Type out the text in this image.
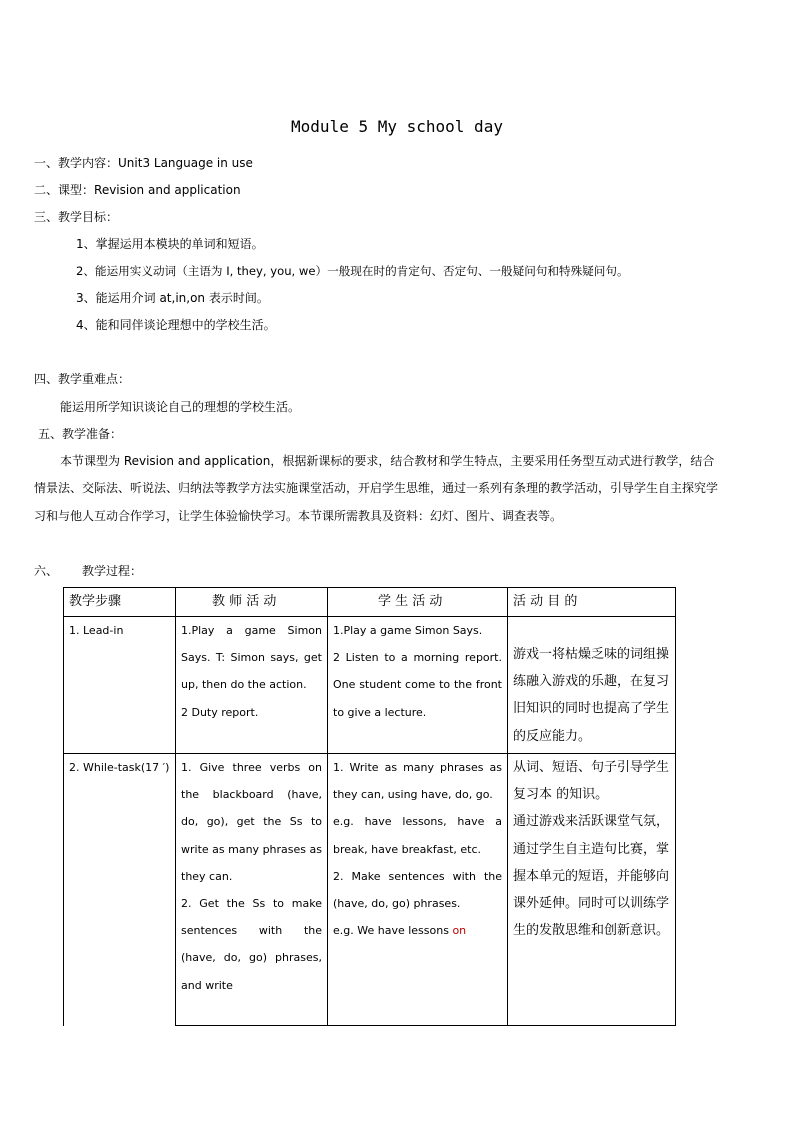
Module 5 My school day
一、教学内容：Unit3 Language in use
二、课型：Revision and application
三、教学目标：
1、掌握运用本模块的单词和短语。
2、能运用实义动词（主语为 I, they, you, we）一般现在时的肯定句、否定句、一般疑问句和特殊疑问句。
3、能运用介词 at,in,on 表示时间。
4、能和同伴谈论理想中的学校生活。
四、教学重难点：
能运用所学知识谈论自己的理想的学校生活。
五、教学准备：
本节课型为 Revision and application，根据新课标的要求，结合教材和学生特点，主要采用任务型互动式进行教学，结合情景法、交际法、听说法、归纳法等教学方法实施课堂活动，开启学生思维，通过一系列有条理的教学活动，引导学生自主探究学习和与他人互动合作学习，让学生体验愉快学习。本节课所需教具及资料：幻灯、图片、调查表等。
六、 教学过程：
教学步骤	教 师 活 动	学 生 活 动	活 动 目 的
1. Lead-in	1.Play a game Simon Says. T: Simon says, get up, then do the action.
2 Duty report.	1.Play a game Simon Says.
2 Listen to a morning report. One student come to the front to give a lecture.	游戏一将枯燥乏味的词组操练融入游戏的乐趣，在复习旧知识的同时也提高了学生的反应能力。
2. While-task(17 ′)	1. Give three verbs on the blackboard (have, do, go), get the Ss to write as many phrases as they can.
2. Get the Ss to make sentences with the (have, do, go) phrases, and write	1. Write as many phrases as they can, using have, do, go.
e.g. have lessons, have a break, have breakfast, etc.
2. Make sentences with the (have, do, go) phrases.
e.g. We have lessons on	从词、短语、句子引导学生复习本 的知识。
通过游戏来活跃课堂气氛，通过学生自主造句比赛，掌握本单元的短语，并能够向课外延伸。同时可以训练学生的发散思维和创新意识。
